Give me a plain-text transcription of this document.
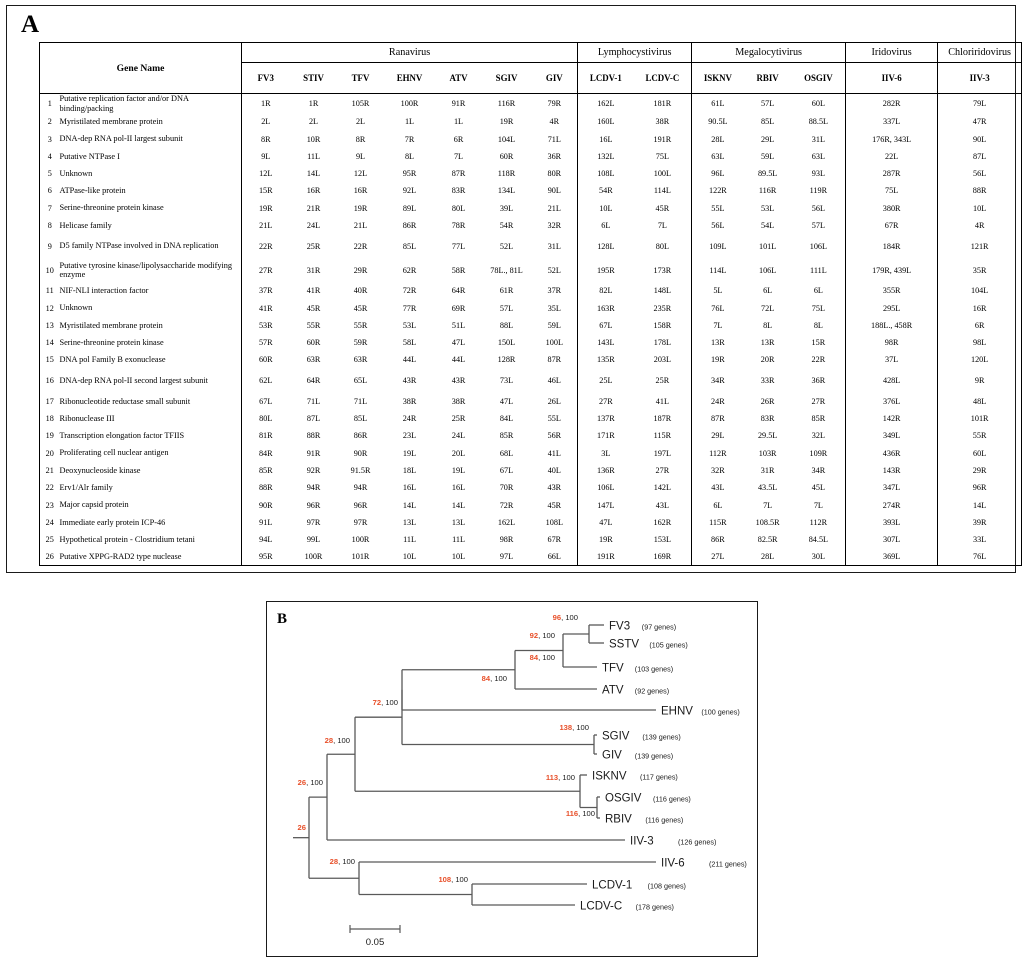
A
Gene Name		Ranavirus							Lymphocystivirus		Megalocytivirus			Iridovirus	Chloriridovirus
		FV3	STIV	TFV	EHNV	ATV	SGIV	GIV	LCDV-1	LCDV-C	ISKNV	RBIV	OSGIV	IIV-6	IIV-3
1	Putative replication factor and/or DNA binding/packing	1R	1R	105R	100R	91R	116R	79R	162L	181R	61L	57L	60L	282R	79L
2	Myristilated membrane protein	2L	2L	2L	1L	1L	19R	4R	160L	38R	90.5L	85L	88.5L	337L	47R
3	DNA-dep RNA pol-II largest subunit	8R	10R	8R	7R	6R	104L	71L	16L	191R	28L	29L	31L	176R, 343L	90L
4	Putative NTPase I	9L	11L	9L	8L	7L	60R	36R	132L	75L	63L	59L	63L	22L	87L
5	Unknown	12L	14L	12L	95R	87R	118R	80R	108L	100L	96L	89.5L	93L	287R	56L
6	ATPase-like protein	15R	16R	16R	92L	83R	134L	90L	54R	114L	122R	116R	119R	75L	88R
7	Serine-threonine protein kinase	19R	21R	19R	89L	80L	39L	21L	10L	45R	55L	53L	56L	380R	10L
8	Helicase family	21L	24L	21L	86R	78R	54R	32R	6L	7L	56L	54L	57L	67R	4R
9	D5 family NTPase involved in DNA replication	22R	25R	22R	85L	77L	52L	31L	128L	80L	109L	101L	106L	184R	121R
10	Putative tyrosine kinase/lipolysaccharide modifying enzyme	27R	31R	29R	62R	58R	78L., 81L	52L	195R	173R	114L	106L	111L	179R, 439L	35R
11	NIF-NLI interaction factor	37R	41R	40R	72R	64R	61R	37R	82L	148L	5L	6L	6L	355R	104L
12	Unknown	41R	45R	45R	77R	69R	57L	35L	163R	235R	76L	72L	75L	295L	16R
13	Myristilated membrane protein	53R	55R	55R	53L	51L	88L	59L	67L	158R	7L	8L	8L	188L., 458R	6R
14	Serine-threonine protein kinase	57R	60R	59R	58L	47L	150L	100L	143L	178L	13R	13R	15R	98R	98L
15	DNA pol Family B exonuclease	60R	63R	63R	44L	44L	128R	87R	135R	203L	19R	20R	22R	37L	120L
16	DNA-dep RNA pol-II second largest subunit	62L	64R	65L	43R	43R	73L	46L	25L	25R	34R	33R	36R	428L	9R
17	Ribonucleotide reductase small subunit	67L	71L	71L	38R	38R	47L	26L	27R	41L	24R	26R	27R	376L	48L
18	Ribonuclease III	80L	87L	85L	24R	25R	84L	55L	137R	187R	87R	83R	85R	142R	101R
19	Transcription elongation factor TFIIS	81R	88R	86R	23L	24L	85R	56R	171R	115R	29L	29.5L	32L	349L	55R
20	Proliferating cell nuclear antigen	84R	91R	90R	19L	20L	68L	41L	3L	197L	112R	103R	109R	436R	60L
21	Deoxynucleoside kinase	85R	92R	91.5R	18L	19L	67L	40L	136R	27R	32R	31R	34R	143R	29R
22	Erv1/Alr family	88R	94R	94R	16L	16L	70R	43R	106L	142L	43L	43.5L	45L	347L	96R
23	Major capsid protein	90R	96R	96R	14L	14L	72R	45R	147L	43L	6L	7L	7L	274R	14L
24	Immediate early protein ICP-46	91L	97R	97R	13L	13L	162L	108L	47L	162R	115R	108.5R	112R	393L	39R
25	Hypothetical protein - Clostridium tetani	94L	99L	100R	11L	11L	98R	67R	19R	153L	86R	82.5R	84.5L	307L	33L
26	Putative XPPG-RAD2 type nuclease	95R	100R	101R	10L	10L	97L	66L	191R	169R	27L	28L	30L	369L	76L
B	FV3 (97 genes)
SSTV (105 genes)
TFV (103 genes)
ATV (92 genes)
EHNV (100 genes)
SGIV (139 genes)
GIV (139 genes)
ISKNV (117 genes)
OSGIV (116 genes)
RBIV (116 genes)
IIV-3	(126 genes)
IIV-6	(211 genes)
LCDV-1 (108 genes)
LCDV-C (178 genes)
96, 100
92, 100
84, 100
84, 100
72, 100
138, 100
28, 100
113, 100
116, 100
26, 100
26
28, 100
108, 100
0.05
